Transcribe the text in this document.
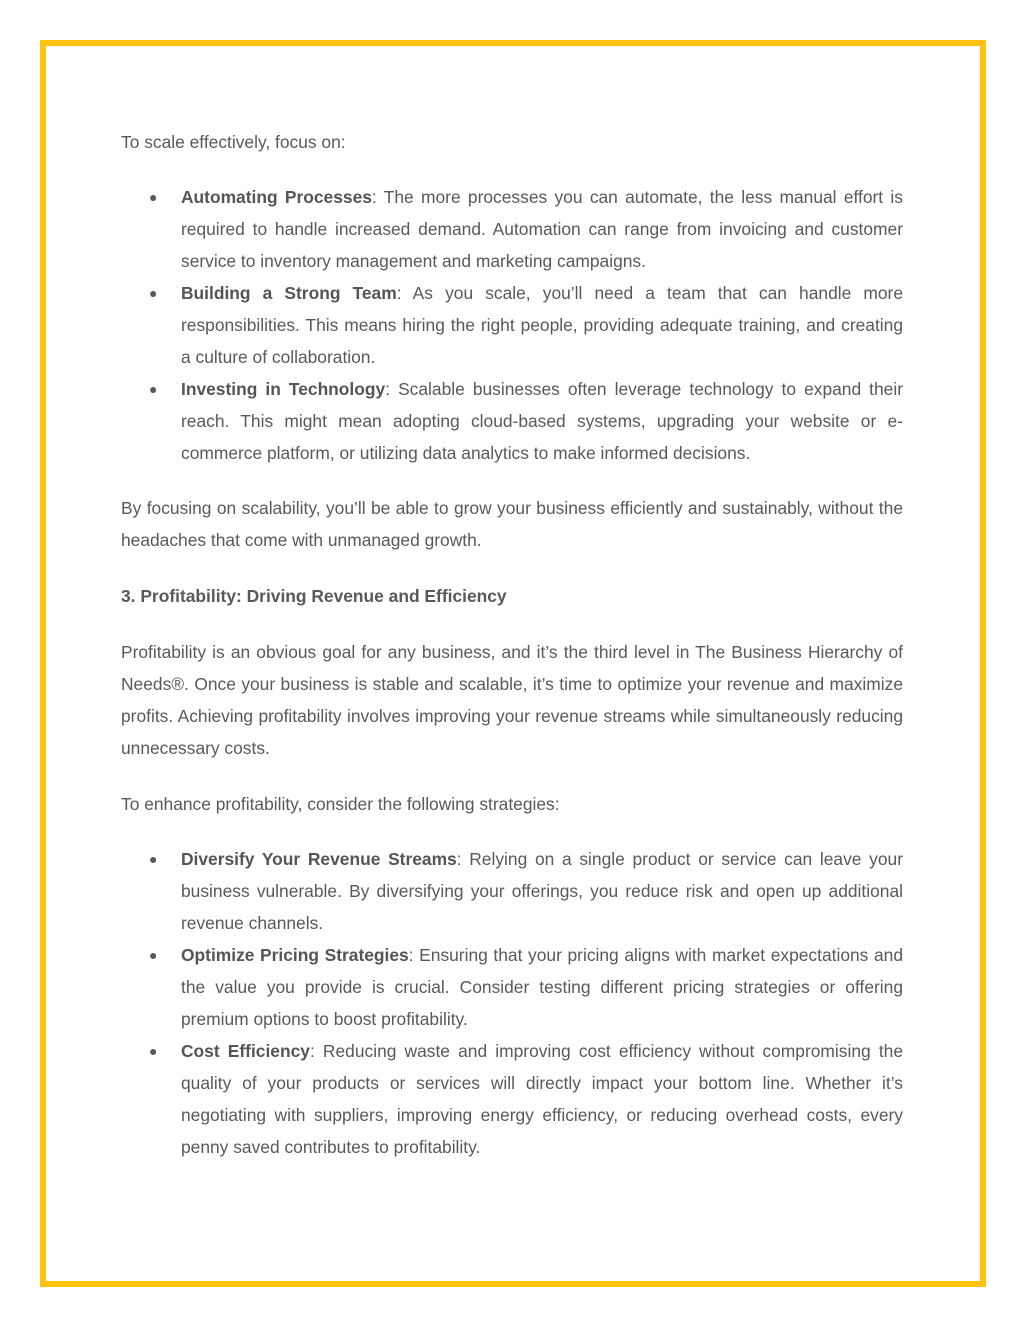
To scale effectively, focus on:

● Automating Processes: The more processes you can automate, the less manual effort is required to handle increased demand. Automation can range from invoicing and customer service to inventory management and marketing campaigns.
● Building a Strong Team: As you scale, you’ll need a team that can handle more responsibilities. This means hiring the right people, providing adequate training, and creating a culture of collaboration.
● Investing in Technology: Scalable businesses often leverage technology to expand their reach. This might mean adopting cloud-based systems, upgrading your website or e-commerce platform, or utilizing data analytics to make informed decisions.

By focusing on scalability, you’ll be able to grow your business efficiently and sustainably, without the headaches that come with unmanaged growth.

3. Profitability: Driving Revenue and Efficiency

Profitability is an obvious goal for any business, and it’s the third level in The Business Hierarchy of Needs®. Once your business is stable and scalable, it’s time to optimize your revenue and maximize profits. Achieving profitability involves improving your revenue streams while simultaneously reducing unnecessary costs.

To enhance profitability, consider the following strategies:

● Diversify Your Revenue Streams: Relying on a single product or service can leave your business vulnerable. By diversifying your offerings, you reduce risk and open up additional revenue channels.
● Optimize Pricing Strategies: Ensuring that your pricing aligns with market expectations and the value you provide is crucial. Consider testing different pricing strategies or offering premium options to boost profitability.
● Cost Efficiency: Reducing waste and improving cost efficiency without compromising the quality of your products or services will directly impact your bottom line. Whether it’s negotiating with suppliers, improving energy efficiency, or reducing overhead costs, every penny saved contributes to profitability.
